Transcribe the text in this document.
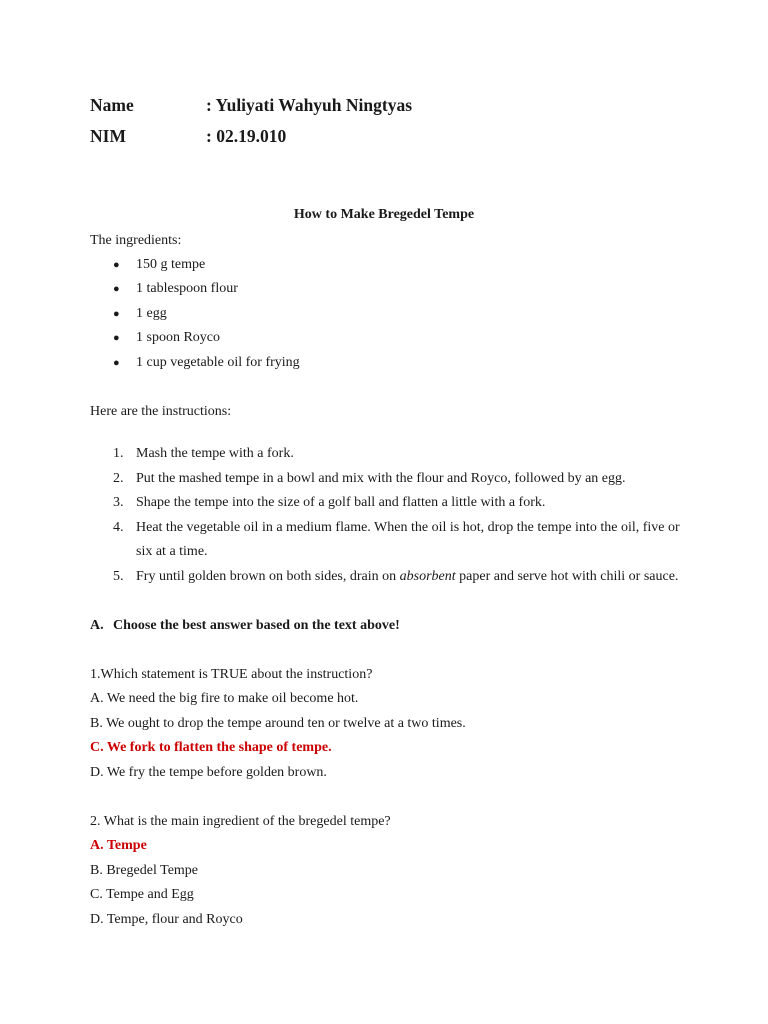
Name	: Yuliyati Wahyuh Ningtyas
NIM	: 02.19.010
How to Make Bregedel Tempe
The ingredients:
● 150 g tempe
● 1 tablespoon flour
● 1 egg
● 1 spoon Royco
● 1 cup vegetable oil for frying
Here are the instructions:
1. Mash the tempe with a fork.
2. Put the mashed tempe in a bowl and mix with the flour and Royco, followed by an egg.
3. Shape the tempe into the size of a golf ball and flatten a little with a fork.
4. Heat the vegetable oil in a medium flame. When the oil is hot, drop the tempe into the oil, five or
six at a time.
5. Fry until golden brown on both sides, drain on absorbent paper and serve hot with chili or sauce.
A. Choose the best answer based on the text above!
1.Which statement is TRUE about the instruction?
A. We need the big fire to make oil become hot.
B. We ought to drop the tempe around ten or twelve at a two times.
C. We fork to flatten the shape of tempe.
D. We fry the tempe before golden brown.
2. What is the main ingredient of the bregedel tempe?
A. Tempe
B. Bregedel Tempe
C. Tempe and Egg
D. Tempe, flour and Royco
